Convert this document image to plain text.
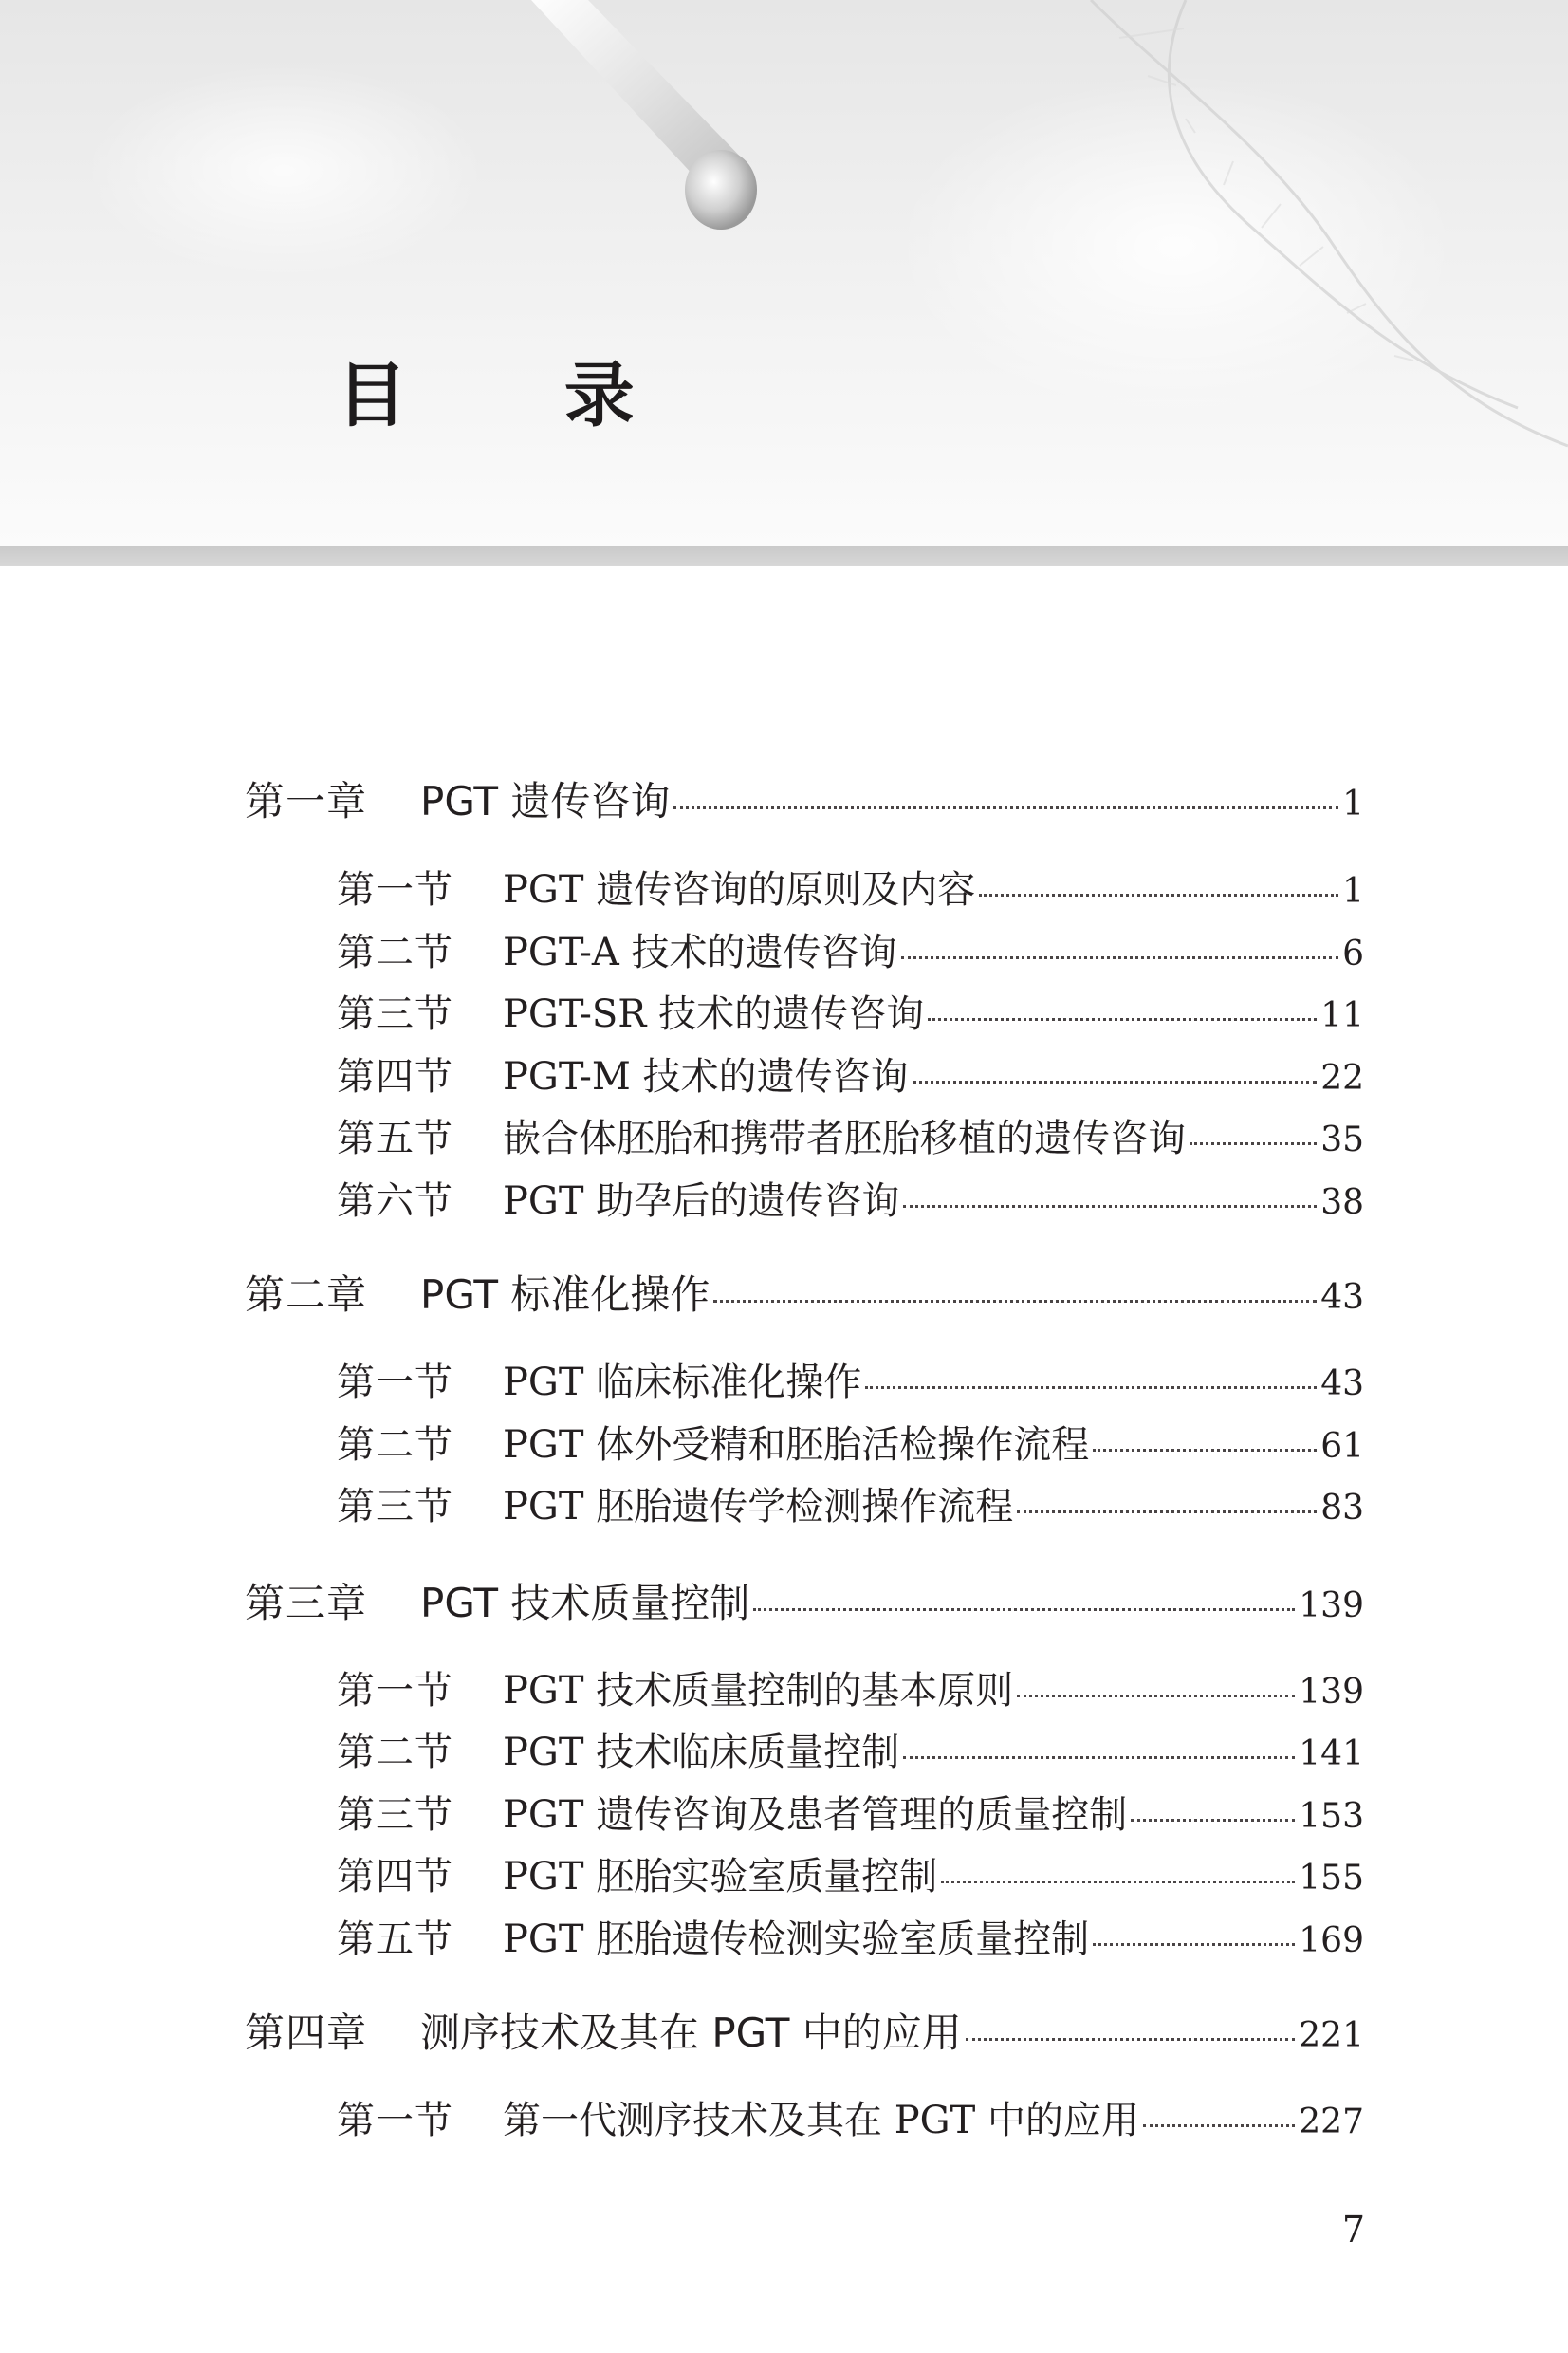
目 录
第一章	PGT 遗传咨询	1
第一节	PGT 遗传咨询的原则及内容	1
第二节	PGT-A 技术的遗传咨询	6
第三节	PGT-SR 技术的遗传咨询	11
第四节	PGT-M 技术的遗传咨询	22
第五节	嵌合体胚胎和携带者胚胎移植的遗传咨询	35
第六节	PGT 助孕后的遗传咨询	38
第二章	PGT 标准化操作	43
第一节	PGT 临床标准化操作	43
第二节	PGT 体外受精和胚胎活检操作流程	61
第三节	PGT 胚胎遗传学检测操作流程	83
第三章	PGT 技术质量控制	139
第一节	PGT 技术质量控制的基本原则	139
第二节	PGT 技术临床质量控制	141
第三节	PGT 遗传咨询及患者管理的质量控制	153
第四节	PGT 胚胎实验室质量控制	155
第五节	PGT 胚胎遗传检测实验室质量控制	169
第四章	测序技术及其在 PGT 中的应用	221
第一节	第一代测序技术及其在 PGT 中的应用	227
7
